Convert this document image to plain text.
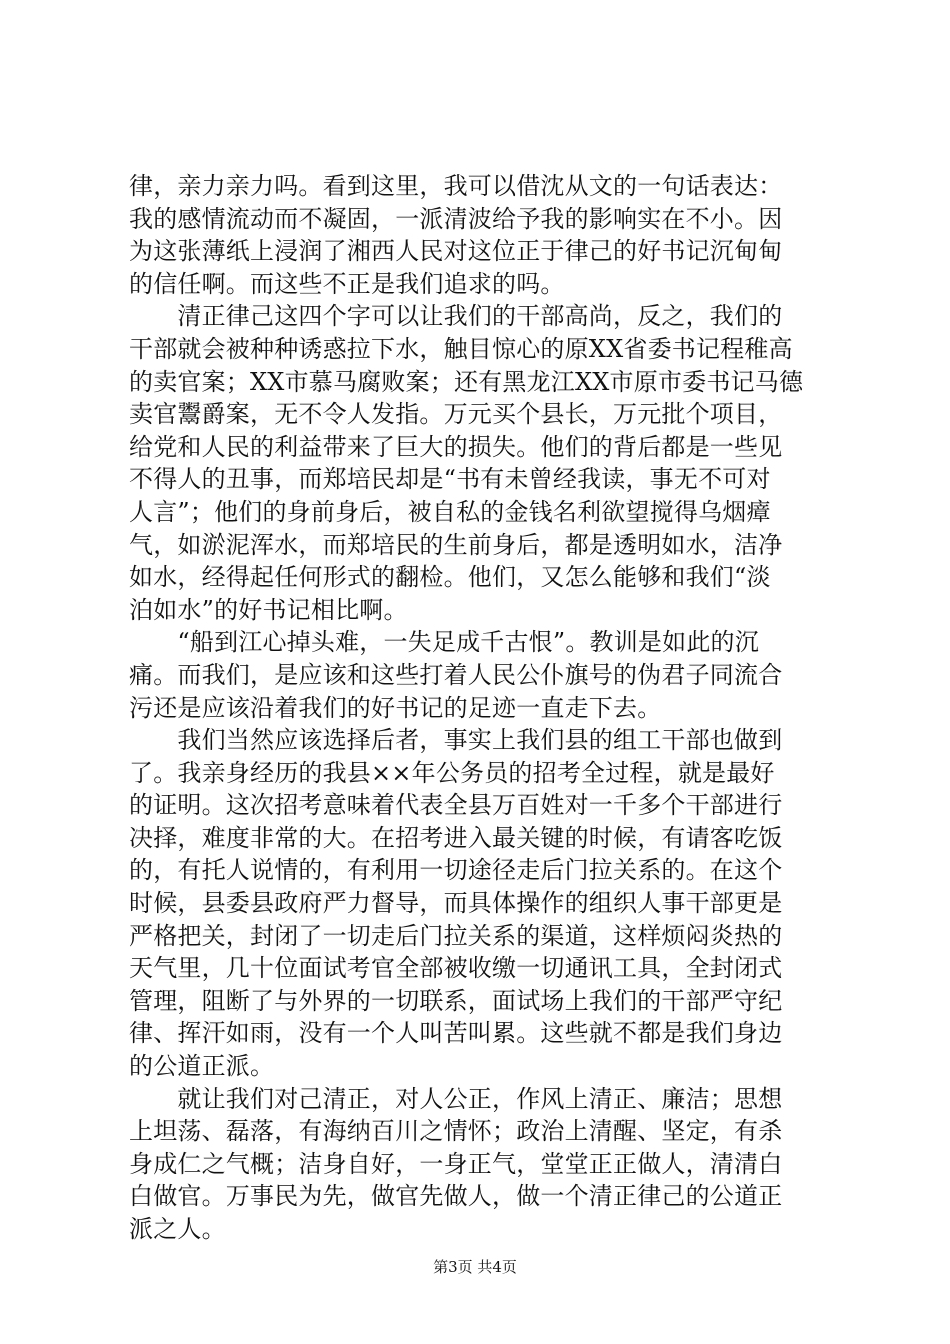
律，亲力亲力吗。看到这里，我可以借沈从文的一句话表达：
我的感情流动而不凝固，一派清波给予我的影响实在不小。因
为这张薄纸上浸润了湘西人民对这位正于律己的好书记沉甸甸
的信任啊。而这些不正是我们追求的吗。
　　清正律己这四个字可以让我们的干部高尚，反之，我们的
干部就会被种种诱惑拉下水，触目惊心的原XX省委书记程稚高
的卖官案；XX市慕马腐败案；还有黑龙江XX市原市委书记马德
卖官鬻爵案，无不令人发指。万元买个县长，万元批个项目，
给党和人民的利益带来了巨大的损失。他们的背后都是一些见
不得人的丑事，而郑培民却是“书有未曾经我读，事无不可对
人言”；他们的身前身后，被自私的金钱名利欲望搅得乌烟瘴
气，如淤泥浑水，而郑培民的生前身后，都是透明如水，洁净
如水，经得起任何形式的翻检。他们，又怎么能够和我们“淡
泊如水”的好书记相比啊。
　　“船到江心掉头难，一失足成千古恨”。教训是如此的沉
痛。而我们，是应该和这些打着人民公仆旗号的伪君子同流合
污还是应该沿着我们的好书记的足迹一直走下去。
　　我们当然应该选择后者，事实上我们县的组工干部也做到
了。我亲身经历的我县××年公务员的招考全过程，就是最好
的证明。这次招考意味着代表全县万百姓对一千多个干部进行
决择，难度非常的大。在招考进入最关键的时候，有请客吃饭
的，有托人说情的，有利用一切途径走后门拉关系的。在这个
时候，县委县政府严力督导，而具体操作的组织人事干部更是
严格把关，封闭了一切走后门拉关系的渠道，这样烦闷炎热的
天气里，几十位面试考官全部被收缴一切通讯工具，全封闭式
管理，阻断了与外界的一切联系，面试场上我们的干部严守纪
律、挥汗如雨，没有一个人叫苦叫累。这些就不都是我们身边
的公道正派。
　　就让我们对己清正，对人公正，作风上清正、廉洁；思想
上坦荡、磊落，有海纳百川之情怀；政治上清醒、坚定，有杀
身成仁之气概；洁身自好，一身正气，堂堂正正做人，清清白
白做官。万事民为先，做官先做人，做一个清正律己的公道正
派之人。
第3页 共4页
